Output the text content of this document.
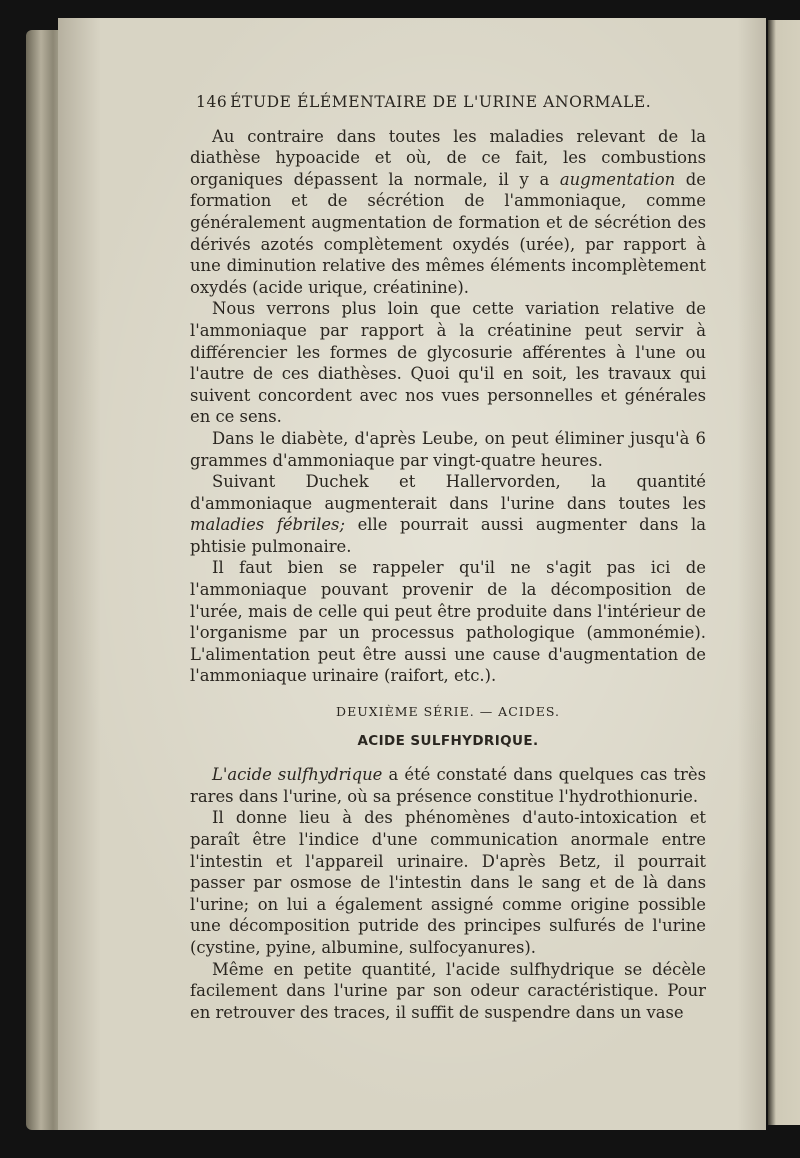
146 ÉTUDE ÉLÉMENTAIRE DE L'URINE ANORMALE.

Au contraire dans toutes les maladies relevant de la diathèse hypoacide et où, de ce fait, les combustions organiques dépassent la normale, il y a augmentation de formation et de sécrétion de l'ammoniaque, comme généralement augmentation de formation et de sécrétion des dérivés azotés complètement oxydés (urée), par rapport à une diminution relative des mêmes éléments incomplètement oxydés (acide urique, créatinine).

Nous verrons plus loin que cette variation relative de l'ammoniaque par rapport à la créatinine peut servir à différencier les formes de glycosurie afférentes à l'une ou l'autre de ces diathèses. Quoi qu'il en soit, les travaux qui suivent concordent avec nos vues personnelles et générales en ce sens.

Dans le diabète, d'après Leube, on peut éliminer jusqu'à 6 grammes d'ammoniaque par vingt-quatre heures.

Suivant Duchek et Hallervorden, la quantité d'ammoniaque augmenterait dans l'urine dans toutes les maladies fébriles; elle pourrait aussi augmenter dans la phtisie pulmonaire.

Il faut bien se rappeler qu'il ne s'agit pas ici de l'ammoniaque pouvant provenir de la décomposition de l'urée, mais de celle qui peut être produite dans l'intérieur de l'organisme par un processus pathologique (ammonémie). L'alimentation peut être aussi une cause d'augmentation de l'ammoniaque urinaire (raifort, etc.).

DEUXIÈME SÉRIE. — ACIDES.
ACIDE SULFHYDRIQUE.

L'acide sulfhydrique a été constaté dans quelques cas très rares dans l'urine, où sa présence constitue l'hydrothionurie.

Il donne lieu à des phénomènes d'auto-intoxication et paraît être l'indice d'une communication anormale entre l'intestin et l'appareil urinaire. D'après Betz, il pourrait passer par osmose de l'intestin dans le sang et de là dans l'urine; on lui a également assigné comme origine possible une décomposition putride des principes sulfurés de l'urine (cystine, pyine, albumine, sulfocyanures).

Même en petite quantité, l'acide sulfhydrique se décèle facilement dans l'urine par son odeur caractéristique. Pour en retrouver des traces, il suffit de suspendre dans un vase
